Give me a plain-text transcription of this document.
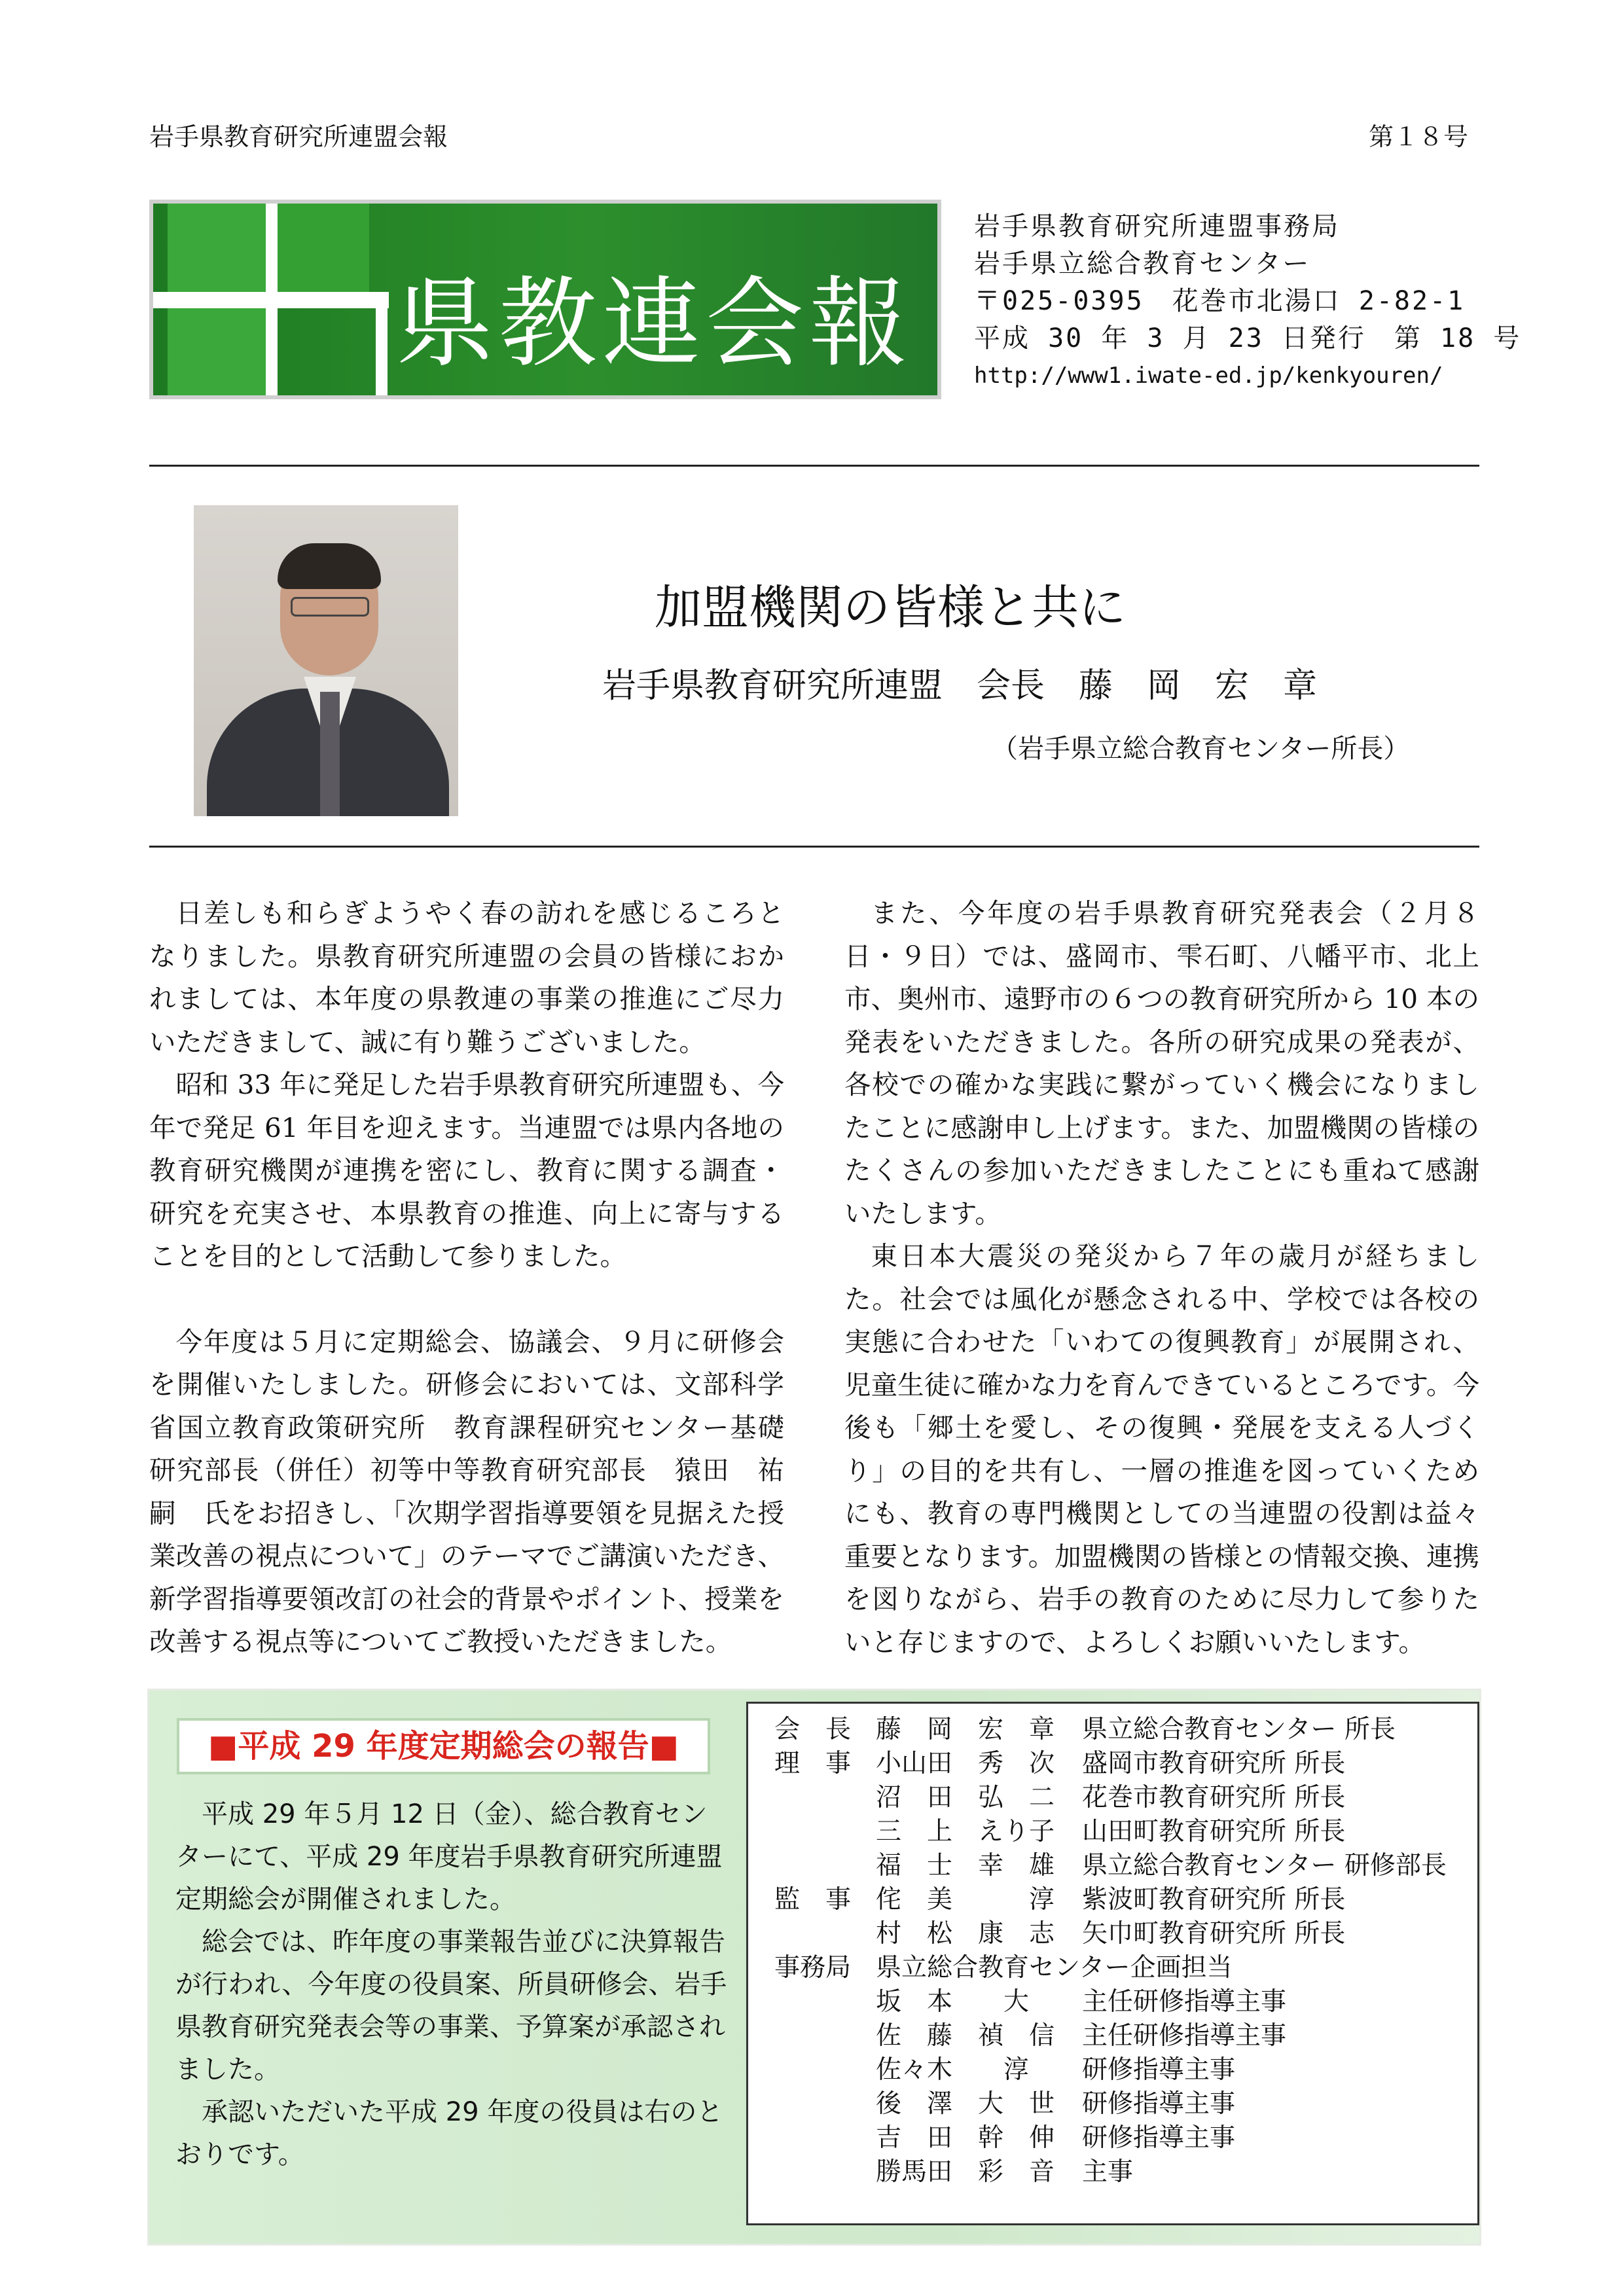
岩手県教育研究所連盟会報	第１８号
県教連会報
岩手県教育研究所連盟事務局
岩手県立総合教育センター
〒025-0395　花巻市北湯口 2-82-1
平成 30 年 3 月 23 日発行　第 18 号
http://www1.iwate-ed.jp/kenkyouren/
加盟機関の皆様と共に
岩手県教育研究所連盟　会長　藤　岡　宏　章
（岩手県立総合教育センター所長）

日差しも和らぎようやく春の訪れを感じるころとなりました。県教育研究所連盟の会員の皆様におかれましては、本年度の県教連の事業の推進にご尽力いただきまして、誠に有り難うございました。

昭和 33 年に発足した岩手県教育研究所連盟も、今年で発足 61 年目を迎えます。当連盟では県内各地の教育研究機関が連携を密にし、教育に関する調査・研究を充実させ、本県教育の推進、向上に寄与することを目的として活動して参りました。

今年度は５月に定期総会、協議会、９月に研修会を開催いたしました。研修会においては、文部科学省国立教育政策研究所　教育課程研究センター基礎研究部長（併任）初等中等教育研究部長　猿田　祐嗣　氏をお招きし、「次期学習指導要領を見据えた授業改善の視点について」のテーマでご講演いただき、新学習指導要領改訂の社会的背景やポイント、授業を改善する視点等についてご教授いただきました。

また、今年度の岩手県教育研究発表会（２月８日・９日）では、盛岡市、雫石町、八幡平市、北上市、奥州市、遠野市の６つの教育研究所から 10 本の発表をいただきました。各所の研究成果の発表が、各校での確かな実践に繋がっていく機会になりましたことに感謝申し上げます。また、加盟機関の皆様のたくさんの参加いただきましたことにも重ねて感謝いたします。

東日本大震災の発災から７年の歳月が経ちました。社会では風化が懸念される中、学校では各校の実態に合わせた「いわての復興教育」が展開され、児童生徒に確かな力を育んできているところです。今後も「郷土を愛し、その復興・発展を支える人づくり」の目的を共有し、一層の推進を図っていくためにも、教育の専門機関としての当連盟の役割は益々重要となります。加盟機関の皆様との情報交換、連携を図りながら、岩手の教育のために尽力して参りたいと存じますので、よろしくお願いいたします。

■平成 29 年度定期総会の報告■

平成 29 年５月 12 日（金）、総合教育センターにて、平成 29 年度岩手県教育研究所連盟定期総会が開催されました。

総会では、昨年度の事業報告並びに決算報告が行われ、今年度の役員案、所員研修会、岩手県教育研究発表会等の事業、予算案が承認されました。

承認いただいた平成 29 年度の役員は右のとおりです。

会　長 藤　岡　宏　章 県立総合教育センター 所長
理　事 小山田　秀　次 盛岡市教育研究所 所長
沼　田　弘　二 花巻市教育研究所 所長
三　上　えり子 山田町教育研究所 所長
福　士　幸　雄 県立総合教育センター 研修部長
監　事 侘　美　　　淳 紫波町教育研究所 所長
村　松　康　志 矢巾町教育研究所 所長
事務局 県立総合教育センター企画担当
坂　本　　大 主任研修指導主事
佐　藤　禎　信 主任研修指導主事
佐々木　　淳 研修指導主事
後　澤　大　世 研修指導主事
吉　田　幹　伸 研修指導主事
勝馬田　彩　音 主事
